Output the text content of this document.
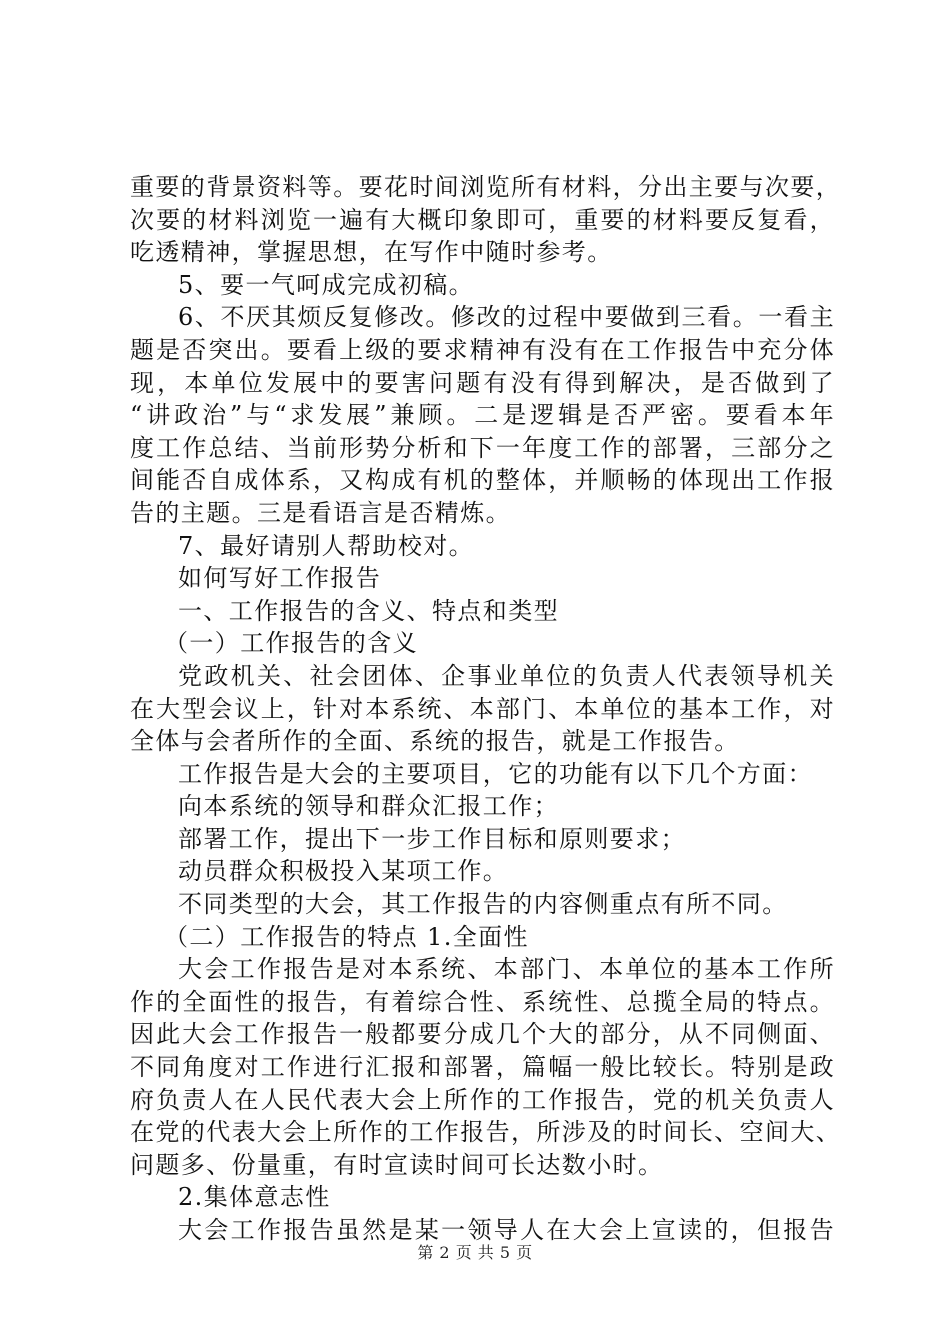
重要的背景资料等。要花时间浏览所有材料，分出主要与次要，
次要的材料浏览一遍有大概印象即可，重要的材料要反复看，
吃透精神，掌握思想，在写作中随时参考。
5、要一气呵成完成初稿。
6、不厌其烦反复修改。修改的过程中要做到三看。一看主
题是否突出。要看上级的要求精神有没有在工作报告中充分体
现，本单位发展中的要害问题有没有得到解决，是否做到了
“讲政治”与“求发展”兼顾。二是逻辑是否严密。要看本年
度工作总结、当前形势分析和下一年度工作的部署，三部分之
间能否自成体系，又构成有机的整体，并顺畅的体现出工作报
告的主题。三是看语言是否精炼。
7、最好请别人帮助校对。
如何写好工作报告
一、工作报告的含义、特点和类型
（一）工作报告的含义
党政机关、社会团体、企事业单位的负责人代表领导机关
在大型会议上，针对本系统、本部门、本单位的基本工作，对
全体与会者所作的全面、系统的报告，就是工作报告。
工作报告是大会的主要项目，它的功能有以下几个方面：
向本系统的领导和群众汇报工作；
部署工作，提出下一步工作目标和原则要求；
动员群众积极投入某项工作。
不同类型的大会，其工作报告的内容侧重点有所不同。
（二）工作报告的特点 1.全面性
大会工作报告是对本系统、本部门、本单位的基本工作所
作的全面性的报告，有着综合性、系统性、总揽全局的特点。
因此大会工作报告一般都要分成几个大的部分，从不同侧面、
不同角度对工作进行汇报和部署，篇幅一般比较长。特别是政
府负责人在人民代表大会上所作的工作报告，党的机关负责人
在党的代表大会上所作的工作报告，所涉及的时间长、空间大、
问题多、份量重，有时宣读时间可长达数小时。
2.集体意志性
大会工作报告虽然是某一领导人在大会上宣读的，但报告
第 2 页 共 5 页
